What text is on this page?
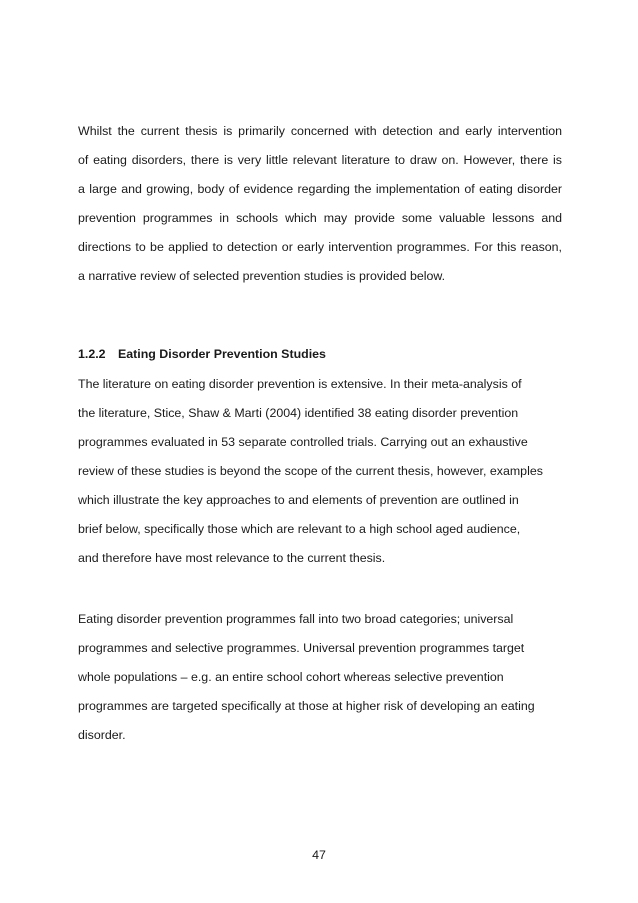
Whilst the current thesis is primarily concerned with detection and early intervention
of eating disorders, there is very little relevant literature to draw on. However, there is
a large and growing, body of evidence regarding the implementation of eating disorder
prevention programmes in schools which may provide some valuable lessons and
directions to be applied to detection or early intervention programmes. For this reason,
a narrative review of selected prevention studies is provided below.

1.2.2 Eating Disorder Prevention Studies

The literature on eating disorder prevention is extensive. In their meta-analysis of
the literature, Stice, Shaw & Marti (2004) identified 38 eating disorder prevention
programmes evaluated in 53 separate controlled trials. Carrying out an exhaustive
review of these studies is beyond the scope of the current thesis, however, examples
which illustrate the key approaches to and elements of prevention are outlined in
brief below, specifically those which are relevant to a high school aged audience,
and therefore have most relevance to the current thesis.

Eating disorder prevention programmes fall into two broad categories; universal
programmes and selective programmes. Universal prevention programmes target
whole populations – e.g. an entire school cohort whereas selective prevention
programmes are targeted specifically at those at higher risk of developing an eating
disorder.

47
